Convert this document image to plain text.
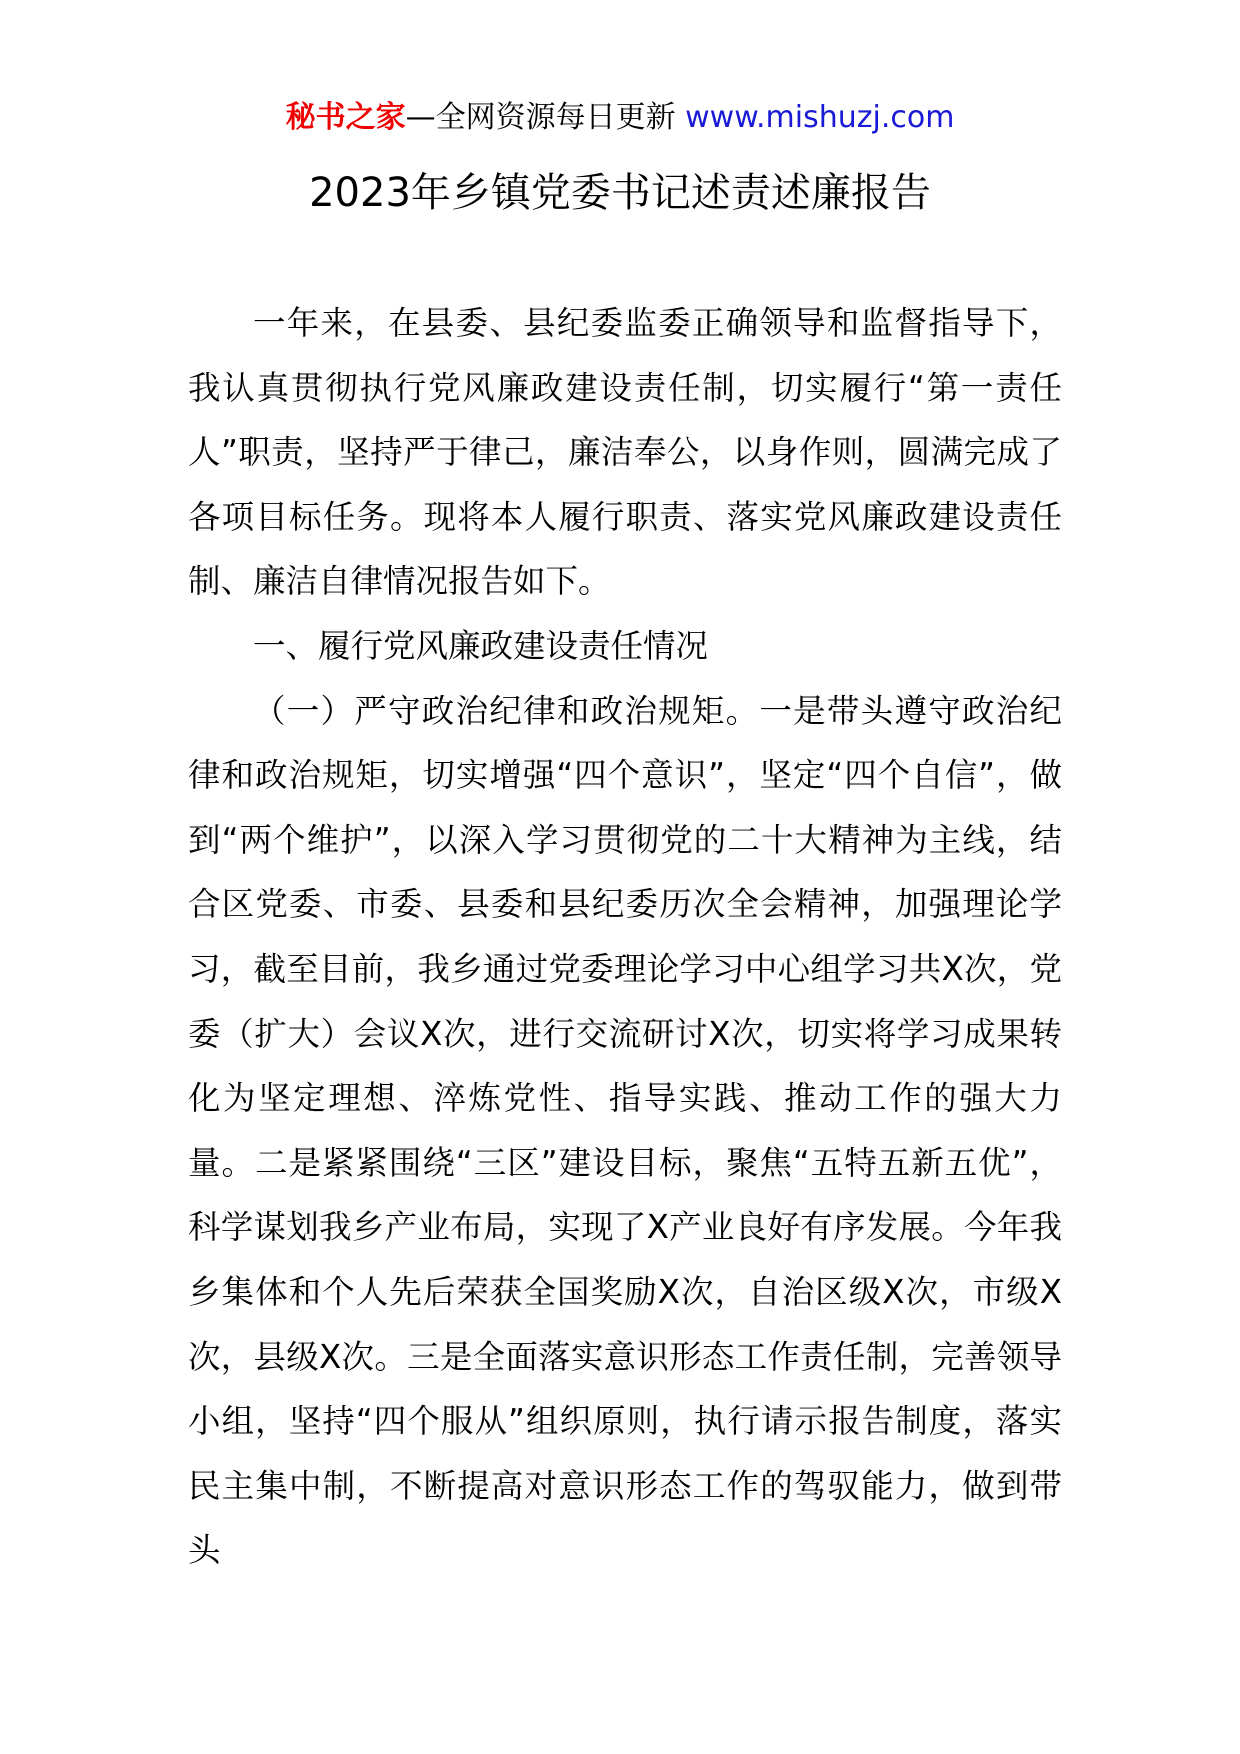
秘书之家—全网资源每日更新 www.mishuzj.com
2023年乡镇党委书记述责述廉报告

一年来，在县委、县纪委监委正确领导和监督指导下，我认真贯彻执行党风廉政建设责任制，切实履行“第一责任人”职责，坚持严于律己，廉洁奉公，以身作则，圆满完成了各项目标任务。现将本人履行职责、落实党风廉政建设责任制、廉洁自律情况报告如下。

一、履行党风廉政建设责任情况

（一）严守政治纪律和政治规矩。一是带头遵守政治纪律和政治规矩，切实增强“四个意识”，坚定“四个自信”，做到“两个维护”，以深入学习贯彻党的二十大精神为主线，结合区党委、市委、县委和县纪委历次全会精神，加强理论学习，截至目前，我乡通过党委理论学习中心组学习共X次，党委（扩大）会议X次，进行交流研讨X次，切实将学习成果转化为坚定理想、淬炼党性、指导实践、推动工作的强大力量。二是紧紧围绕“三区”建设目标，聚焦“五特五新五优”，科学谋划我乡产业布局，实现了X产业良好有序发展。今年我乡集体和个人先后荣获全国奖励X次，自治区级X次，市级X次，县级X次。三是全面落实意识形态工作责任制，完善领导小组，坚持“四个服从”组织原则，执行请示报告制度，落实民主集中制，不断提高对意识形态工作的驾驭能力，做到带头
